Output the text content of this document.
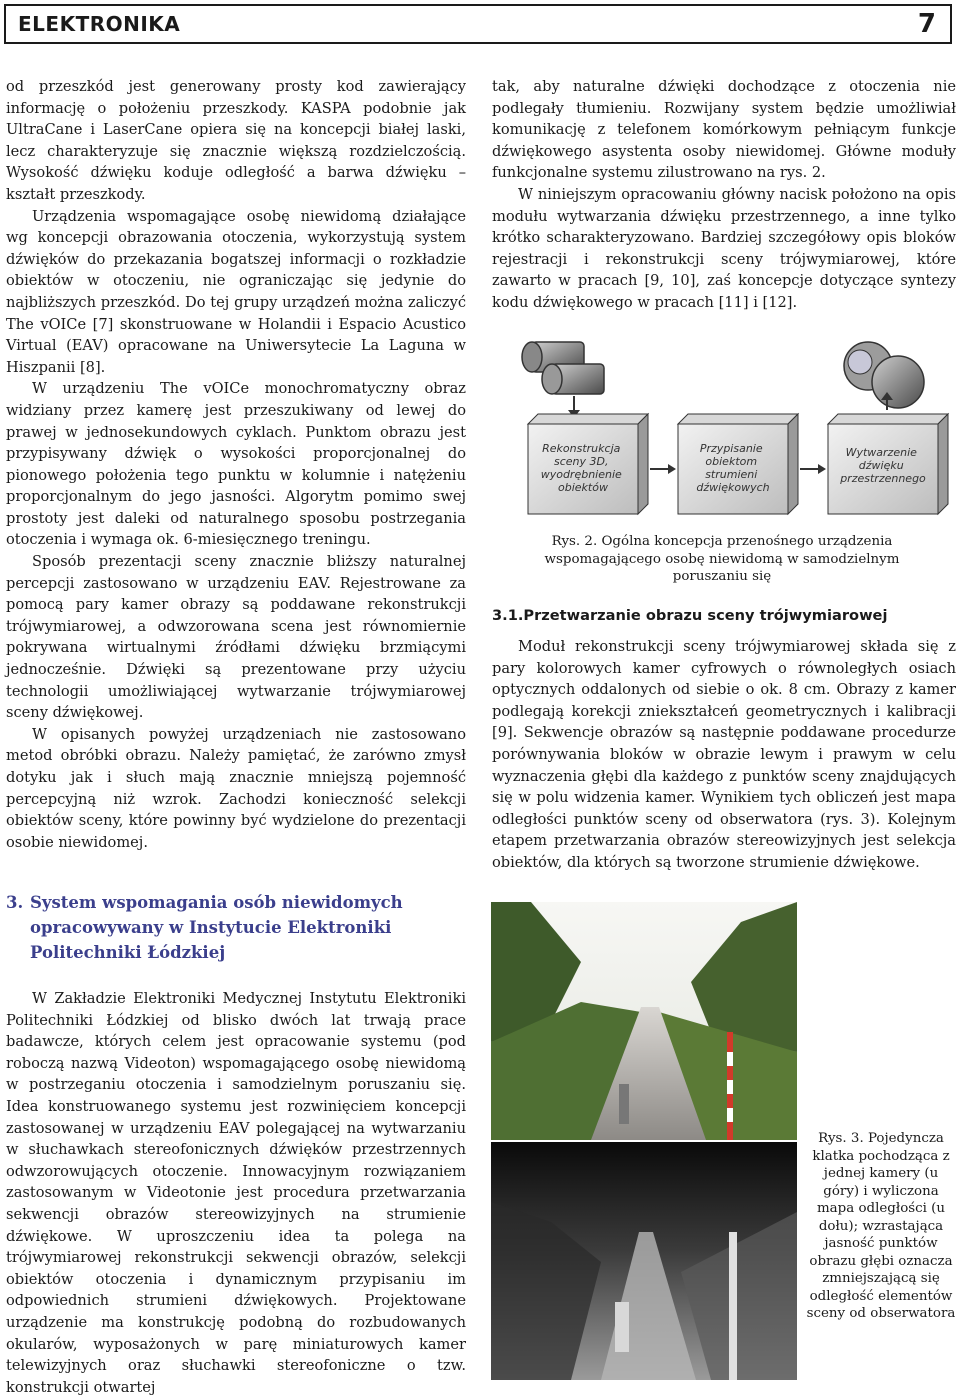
ELEKTRONIKA	7

od przeszkód jest generowany prosty kod zawierający informację o położeniu przeszkody. KASPA podobnie jak UltraCane i LaserCane opiera się na koncepcji białej laski, lecz charakteryzuje się znacznie większą rozdzielczością. Wysokość dźwięku koduje odległość a barwa dźwięku – kształt przeszkody.

Urządzenia wspomagające osobę niewidomą działające wg koncepcji obrazowania otoczenia, wykorzystują system dźwięków do przekazania bogatszej informacji o rozkładzie obiektów w otoczeniu, nie ograniczając się jedynie do najbliższych przeszkód. Do tej grupy urządzeń można zaliczyć The vOICe [7] skonstruowane w Holandii i Espacio Acustico Virtual (EAV) opracowane na Uniwersytecie La Laguna w Hiszpanii [8].

W urządzeniu The vOICe monochromatyczny obraz widziany przez kamerę jest przeszukiwany od lewej do prawej w jednosekundowych cyklach. Punktom obrazu jest przypisywany dźwięk o wysokości proporcjonalnej do pionowego położenia tego punktu w kolumnie i natężeniu proporcjonalnym do jego jasności. Algorytm pomimo swej prostoty jest daleki od naturalnego sposobu postrzegania otoczenia i wymaga ok. 6-miesięcznego treningu.

Sposób prezentacji sceny znacznie bliższy naturalnej percepcji zastosowano w urządzeniu EAV. Rejestrowane za pomocą pary kamer obrazy są poddawane rekonstrukcji trójwymiarowej, a odwzorowana scena jest równomiernie pokrywana wirtualnymi źródłami dźwięku brzmiącymi jednocześnie. Dźwięki są prezentowane przy użyciu technologii umożliwiającej wytwarzanie trójwymiarowej sceny dźwiękowej.

W opisanych powyżej urządzeniach nie zastosowano metod obróbki obrazu. Należy pamiętać, że zarówno zmysł dotyku jak i słuch mają znacznie mniejszą pojemność percepcyjną niż wzrok. Zachodzi konieczność selekcji obiektów sceny, które powinny być wydzielone do prezentacji osobie niewidomej.

3. System wspomagania osób niewidomych
opracowywany w Instytucie Elektroniki
Politechniki Łódzkiej

W Zakładzie Elektroniki Medycznej Instytutu Elektroniki Politechniki Łódzkiej od blisko dwóch lat trwają prace badawcze, których celem jest opracowanie systemu (pod roboczą nazwą Videoton) wspomagającego osobę niewidomą w postrzeganiu otoczenia i samodzielnym poruszaniu się. Idea konstruowanego systemu jest rozwinięciem koncepcji zastosowanej w urządzeniu EAV polegającej na wytwarzaniu w słuchawkach stereofonicznych dźwięków przestrzennych odwzorowujących otoczenie. Innowacyjnym rozwiązaniem zastosowanym w Videotonie jest procedura przetwarzania sekwencji obrazów stereowizyjnych na strumienie dźwiękowe. W uproszczeniu idea ta polega na trójwymiarowej rekonstrukcji sekwencji obrazów, selekcji obiektów otoczenia i dynamicznym przypisaniu im odpowiednich strumieni dźwiękowych. Projektowane urządzenie ma konstrukcję podobną do rozbudowanych okularów, wyposażonych w parę miniaturowych kamer telewizyjnych oraz słuchawki stereofoniczne o tzw. konstrukcji otwartej

tak, aby naturalne dźwięki dochodzące z otoczenia nie podlegały tłumieniu. Rozwijany system będzie umożliwiał komunikację z telefonem komórkowym pełniącym funkcje dźwiękowego asystenta osoby niewidomej. Główne moduły funkcjonalne systemu zilustrowano na rys. 2.

W niniejszym opracowaniu główny nacisk położono na opis modułu wytwarzania dźwięku przestrzennego, a inne tylko krótko scharakteryzowano. Bardziej szczegółowy opis bloków rejestracji i rekonstrukcji sceny trójwymiarowej, które zawarto w pracach [9, 10], zaś koncepcje dotyczące syntezy kodu dźwiękowego w pracach [11] i [12].

Rekonstrukcja sceny 3D, wyodrębnienie obiektów
Przypisanie obiektom strumieni dźwiękowych
Wytwarzenie dźwięku przestrzennego
Rys. 2. Ogólna koncepcja przenośnego urządzenia wspomagającego osobę niewidomą w samodzielnym poruszaniu się
3.1.Przetwarzanie obrazu sceny trójwymiarowej

Moduł rekonstrukcji sceny trójwymiarowej składa się z pary kolorowych kamer cyfrowych o równoległych osiach optycznych oddalonych od siebie o ok. 8 cm. Obrazy z kamer podlegają korekcji zniekształceń geometrycznych i kalibracji [9]. Sekwencje obrazów są następnie poddawane procedurze porównywania bloków w obrazie lewym i prawym w celu wyznaczenia głębi dla każdego z punktów sceny znajdujących się w polu widzenia kamer. Wynikiem tych obliczeń jest mapa odległości punktów sceny od obserwatora (rys. 3). Kolejnym etapem przetwarzania obrazów stereowizyjnych jest selekcja obiektów, dla których są tworzone strumienie dźwiękowe.

Rys. 3. Pojedyncza klatka pochodząca z jednej kamery (u góry) i wyliczona mapa odległości (u dołu); wzrastająca jasność punktów obrazu głębi oznacza zmniejszającą się odległość elementów sceny od obserwatora
